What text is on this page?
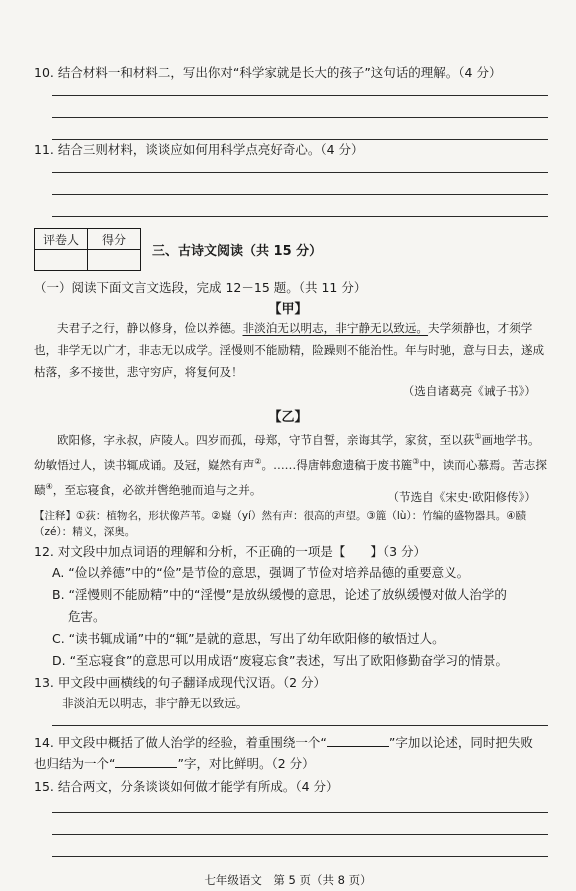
10. 结合材料一和材料二，写出你对“科学家就是长大的孩子”这句话的理解。（4 分）
11. 结合三则材料，谈谈应如何用科学点亮好奇心。（4 分）
评卷人	得分

三、古诗文阅读（共 15 分）
（一）阅读下面文言文选段，完成 12－15 题。（共 11 分）
【甲】
夫君子之行，静以修身，俭以养德。非淡泊无以明志，非宁静无以致远。夫学须静也，才须学也，非学无以广才，非志无以成学。淫慢则不能励精，险躁则不能治性。年与时驰，意与日去，遂成枯落，多不接世，悲守穷庐，将复何及！
（选自诸葛亮《诫子书》）
【乙】
欧阳修，字永叔，庐陵人。四岁而孤，母郑，守节自誓，亲诲其学，家贫，至以荻①画地学书。幼敏悟过人，读书辄成诵。及冠，嶷然有声②。……得唐韩愈遗稿于废书簏③中，读而心慕焉。苦志探赜④，至忘寝食，必欲并辔绝驰而追与之并。
（节选自《宋史·欧阳修传》）
【注释】①荻：植物名，形状像芦苇。②嶷（yí）然有声：很高的声望。③簏（lù）：竹编的盛物器具。④赜（zé）：精义，深奥。
12. 对文段中加点词语的理解和分析，不正确的一项是【　　】（3 分）
A. “俭以养德”中的“俭”是节俭的意思，强调了节俭对培养品德的重要意义。
B. “淫慢则不能励精”中的“淫慢”是放纵缓慢的意思，论述了放纵缓慢对做人治学的
危害。
C. “读书辄成诵”中的“辄”是就的意思，写出了幼年欧阳修的敏悟过人。
D. “至忘寝食”的意思可以用成语“废寝忘食”表述，写出了欧阳修勤奋学习的情景。
13. 甲文段中画横线的句子翻译成现代汉语。（2 分）
非淡泊无以明志，非宁静无以致远。
14. 甲文段中概括了做人治学的经验，着重围绕一个“	”字加以论述，同时把失败
也归结为一个“	”字，对比鲜明。（2 分）
15. 结合两文，分条谈谈如何做才能学有所成。（4 分）
七年级语文　第 5 页（共 8 页）
